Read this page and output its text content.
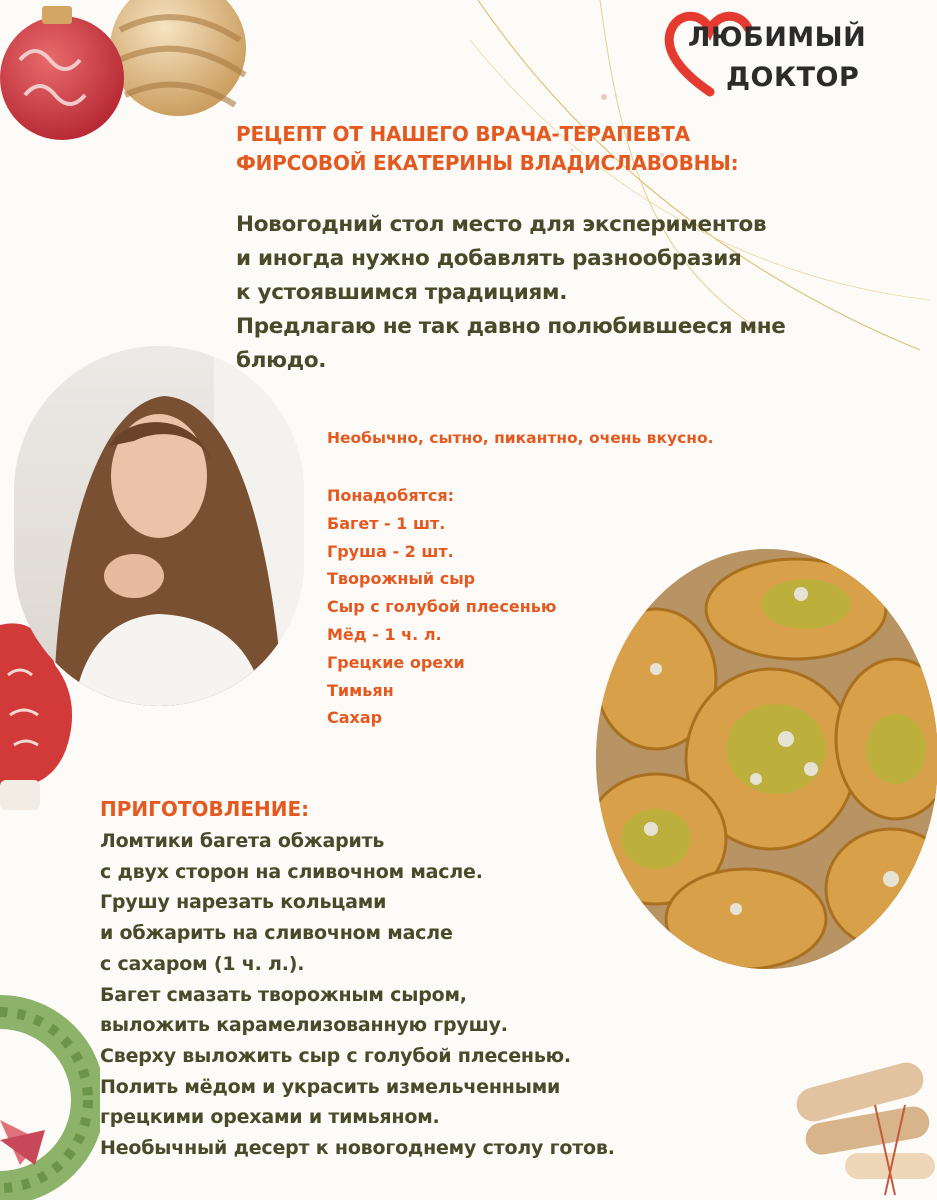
ЛЮБИМЫЙ
ДОКТОР
РЕЦЕПТ ОТ НАШЕГО ВРАЧА-ТЕРАПЕВТА
ФИРСОВОЙ ЕКАТЕРИНЫ ВЛАДИСЛАВОВНЫ:

Новогодний стол место для экспериментов
и иногда нужно добавлять разнообразия
к устоявшимся традициям.
Предлагаю не так давно полюбившееся мне
блюдо.

Необычно, сытно, пикантно, очень вкусно.

Понадобятся:
Багет - 1 шт.
Груша - 2 шт.
Творожный сыр
Сыр с голубой плесенью
Мёд - 1 ч. л.
Грецкие орехи
Тимьян
Сахар
ПРИГОТОВЛЕНИЕ:
Ломтики багета обжарить
с двух сторон на сливочном масле.
Грушу нарезать кольцами
и обжарить на сливочном масле
с сахаром (1 ч. л.).
Багет смазать творожным сыром,
выложить карамелизованную грушу.
Сверху выложить сыр с голубой плесенью.
Полить мёдом и украсить измельченными
грецкими орехами и тимьяном.
Необычный десерт к новогоднему столу готов.
